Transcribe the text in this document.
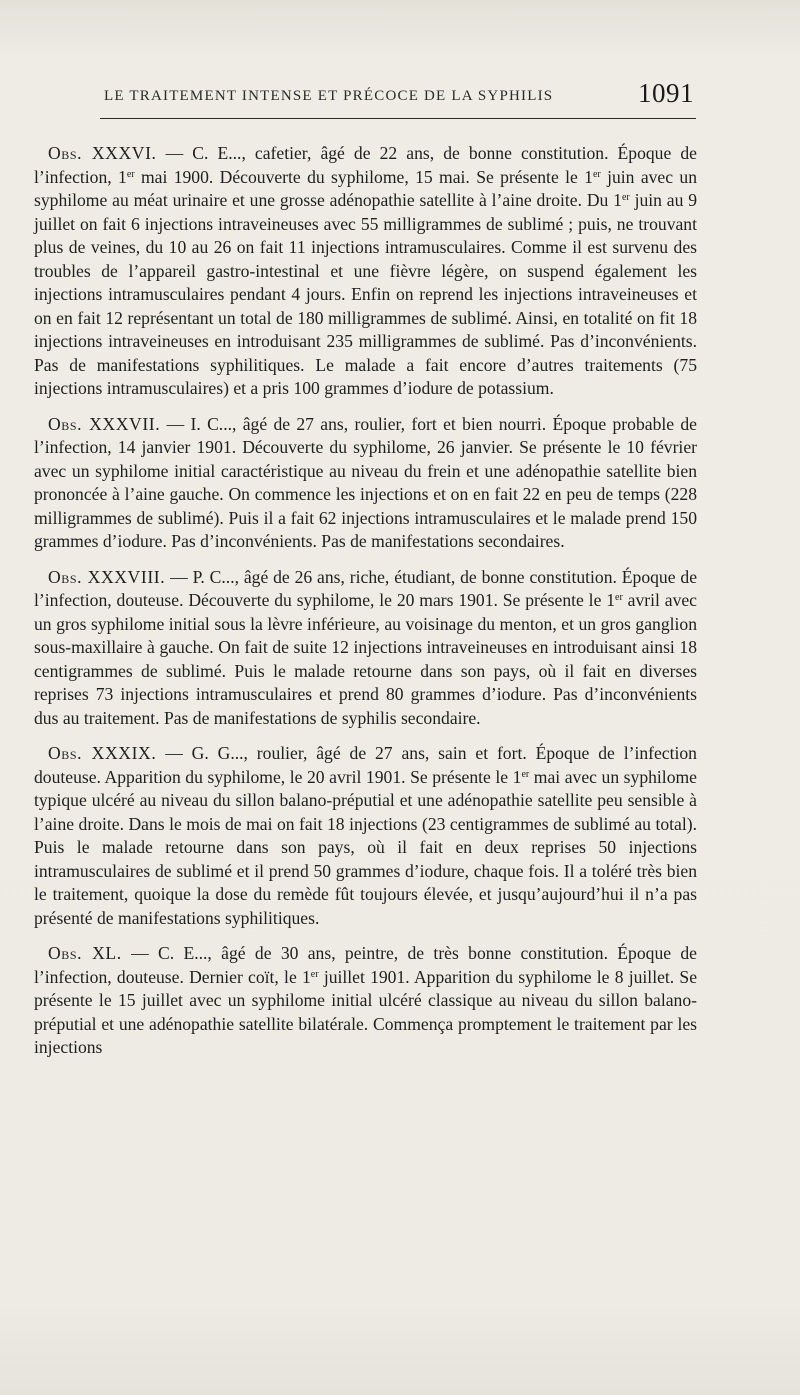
LE TRAITEMENT INTENSE ET PRÉCOCE DE LA SYPHILIS	1091

Obs. XXXVI. — C. E..., cafetier, âgé de 22 ans, de bonne constitution. Époque de l’infection, 1er mai 1900. Découverte du syphilome, 15 mai. Se présente le 1er juin avec un syphilome au méat urinaire et une grosse adénopathie satellite à l’aine droite. Du 1er juin au 9 juillet on fait 6 injections intraveineuses avec 55 milligrammes de sublimé ; puis, ne trouvant plus de veines, du 10 au 26 on fait 11 injections intramusculaires. Comme il est survenu des troubles de l’appareil gastro-intestinal et une fièvre légère, on suspend également les injections intramusculaires pendant 4 jours. Enfin on reprend les injections intraveineuses et on en fait 12 représentant un total de 180 milligrammes de sublimé. Ainsi, en totalité on fit 18 injections intraveineuses en introduisant 235 milligrammes de sublimé. Pas d’inconvénients. Pas de manifestations syphilitiques. Le malade a fait encore d’autres traitements (75 injections intramusculaires) et a pris 100 grammes d’iodure de potassium.

Obs. XXXVII. — I. C..., âgé de 27 ans, roulier, fort et bien nourri. Époque probable de l’infection, 14 janvier 1901. Découverte du syphilome, 26 janvier. Se présente le 10 février avec un syphilome initial caractéristique au niveau du frein et une adénopathie satellite bien prononcée à l’aine gauche. On commence les injections et on en fait 22 en peu de temps (228 milligrammes de sublimé). Puis il a fait 62 injections intramusculaires et le malade prend 150 grammes d’iodure. Pas d’inconvénients. Pas de manifestations secondaires.

Obs. XXXVIII. — P. C..., âgé de 26 ans, riche, étudiant, de bonne constitution. Époque de l’infection, douteuse. Découverte du syphilome, le 20 mars 1901. Se présente le 1er avril avec un gros syphilome initial sous la lèvre inférieure, au voisinage du menton, et un gros ganglion sous-maxillaire à gauche. On fait de suite 12 injections intraveineuses en introduisant ainsi 18 centigrammes de sublimé. Puis le malade retourne dans son pays, où il fait en diverses reprises 73 injections intramusculaires et prend 80 grammes d’iodure. Pas d’inconvénients dus au traitement. Pas de manifestations de syphilis secondaire.

Obs. XXXIX. — G. G..., roulier, âgé de 27 ans, sain et fort. Époque de l’infection douteuse. Apparition du syphilome, le 20 avril 1901. Se présente le 1er mai avec un syphilome typique ulcéré au niveau du sillon balano-préputial et une adénopathie satellite peu sensible à l’aine droite. Dans le mois de mai on fait 18 injections (23 centigrammes de sublimé au total). Puis le malade retourne dans son pays, où il fait en deux reprises 50 injections intramusculaires de sublimé et il prend 50 grammes d’iodure, chaque fois. Il a toléré très bien le traitement, quoique la dose du remède fût toujours élevée, et jusqu’aujourd’hui il n’a pas présenté de manifestations syphilitiques.

Obs. XL. — C. E..., âgé de 30 ans, peintre, de très bonne constitution. Époque de l’infection, douteuse. Dernier coït, le 1er juillet 1901. Apparition du syphilome le 8 juillet. Se présente le 15 juillet avec un syphilome initial ulcéré classique au niveau du sillon balano-préputial et une adénopathie satellite bilatérale. Commença promptement le traitement par les injections
